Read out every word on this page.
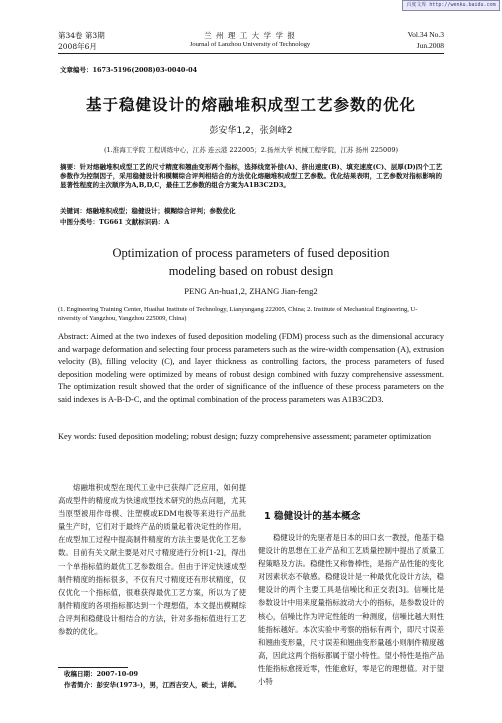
百度文库 http://wenku.baidu.com
第34卷 第3期
2008年6月
兰 州 理 工 大 学 学 报
Journal of Lanzhou University of Technology
Vol.34 No.3
Jun.2008
文章编号：1673-5196(2008)03-0040-04
基于稳健设计的熔融堆积成型工艺参数的优化
彭安华1,2，张剑峰2
(1.淮海工学院 工程训练中心，江苏 连云港 222005；2.扬州大学 机械工程学院，江苏 扬州 225009)
摘要：针对熔融堆积成型工艺的尺寸精度和翘曲变形两个指标，选择线宽补偿(A)、挤出速度(B)、填充速度(C)、层厚(D)四个工艺参数作为控制因子，采用稳健设计和模糊综合评判相结合的方法优化熔融堆积成型工艺参数。优化结果表明，工艺参数对指标影响的显著性程度的主次顺序为A,B,D,C，最佳工艺参数的组合方案为A1B3C2D3。
关键词：熔融堆积成型；稳健设计；模糊综合评判；参数优化
中图分类号：TG661 文献标识码：A
Optimization of process parameters of fused deposition
modeling based on robust design
PENG An-hua1,2, ZHANG Jian-feng2
(1. Engineering Training Center, Huaihai Institute of Technology, Lianyungang 222005, China; 2. Institute of Mechanical Engineering, U-
niversity of Yangzhou, Yangzhou 225009, China)
Abstract: Aimed at the two indexes of fused deposition modeling (FDM) process such as the dimensional accuracy and warpage deformation and selecting four process parameters such as the wire-width compensation (A), extrusion velocity (B), filling velocity (C), and layer thickness as controlling factors, the process parameters of fused deposition modeling were optimized by means of robust design combined with fuzzy comprehensive assessment. The optimization result showed that the order of significance of the influence of these process parameters on the said indexes is A-B-D-C, and the optimal combination of the process parameters was A1B3C2D3.
Key words: fused deposition modeling; robust design; fuzzy comprehensive assessment; parameter optimization
熔融堆积成型在现代工业中已获得广泛应用，如何提高成型件的精度成为快速成型技术研究的热点问题，尤其当原型被用作母模、注塑模或EDM电极等来进行产品批量生产时，它们对于最终产品的质量起着决定性的作用。在成型加工过程中提高制件精度的方法主要是优化工艺参数。目前有关文献主要是对尺寸精度进行分析[1-2]，得出一个单指标值的最优工艺参数组合。但由于评定快速成型制件精度的指标很多，不仅有尺寸精度还有形状精度，仅仅优化一个指标值，很难获得最优工艺方案，所以为了使制件精度的各项指标都达到一个理想值，本文提出模糊综合评判和稳健设计相结合的方法，针对多指标值进行工艺参数的优化。
收稿日期：2007-10-09
作者简介：彭安华(1973-)，男，江西吉安人，硕士，讲师。
1 稳健设计的基本概念
稳健设计的先驱者是日本的田口玄一教授，他基于稳健设计的思想在工业产品和工艺质量控制中提出了质量工程策略及方法。稳健性又称鲁棒性，是指产品性能的变化对因素状态不敏感。稳健设计是一种最优化设计方法，稳健设计的两个主要工具是信噪比和正交表[3]。信噪比是参数设计中用来度量指标波动大小的指标，是参数设计的核心，信噪比作为评定性能的一种测度，信噪比越大则性能指标越好。本次实验中考察的指标有两个，即尺寸误差和翘曲变形量，尺寸误差和翘曲变形量越小则制件精度越高，因此这两个指标都属于望小特性。望小特性是指产品性能指标愈接近零，性能愈好，零是它的理想值。对于望小特
